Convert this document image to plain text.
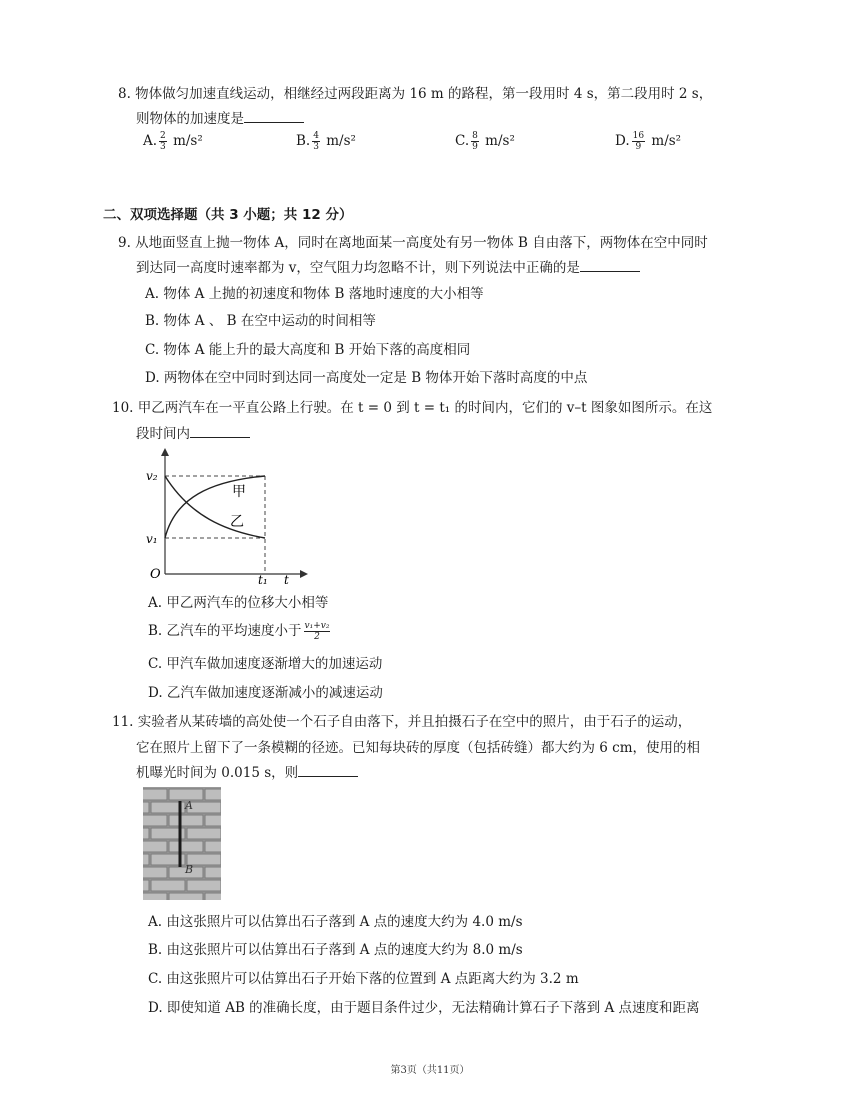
8. 物体做匀加速直线运动，相继经过两段距离为 16 m 的路程，第一段用时 4 s，第二段用时 2 s，
则物体的加速度是
A. $\frac{2}{3} m/s^2$	B. $\frac{4}{3} m/s^2$	C. $\frac{8}{9} m/s^2$	D. $\frac{16}{9} m/s^2$
二、双项选择题（共 3 小题；共 12 分）
9. 从地面竖直上抛一物体 A，同时在离地面某一高度处有另一物体 B 自由落下，两物体在空中同时
到达同一高度时速率都为 v，空气阻力均忽略不计，则下列说法中正确的是
A. 物体 A 上抛的初速度和物体 B 落地时速度的大小相等
B. 物体 A 、 B 在空中运动的时间相等
C. 物体 A 能上升的最大高度和 B 开始下落的高度相同
D. 两物体在空中同时到达同一高度处一定是 B 物体开始下落时高度的中点
10. 甲乙两汽车在一平直公路上行驶。在 t = 0 到 t = t₁ 的时间内，它们的 v–t 图象如图所示。在这
段时间内
v₂
v₁
O	t₁ t
甲
乙
A. 甲乙两汽车的位移大小相等
B. 乙汽车的平均速度小于 $\frac{\text{v₁+v₂}}{2}$
C. 甲汽车做加速度逐渐增大的加速运动
D. 乙汽车做加速度逐渐减小的减速运动
11. 实验者从某砖墙的高处使一个石子自由落下，并且拍摄石子在空中的照片，由于石子的运动，
它在照片上留下了一条模糊的径迹。已知每块砖的厚度（包括砖缝）都大约为 6 cm，使用的相
机曝光时间为 0.015 s，则
A
B
A. 由这张照片可以估算出石子落到 A 点的速度大约为 4.0 m/s
B. 由这张照片可以估算出石子落到 A 点的速度大约为 8.0 m/s
C. 由这张照片可以估算出石子开始下落的位置到 A 点距离大约为 3.2 m
D. 即使知道 AB 的准确长度，由于题目条件过少，无法精确计算石子下落到 A 点速度和距离
第3页（共11页）
